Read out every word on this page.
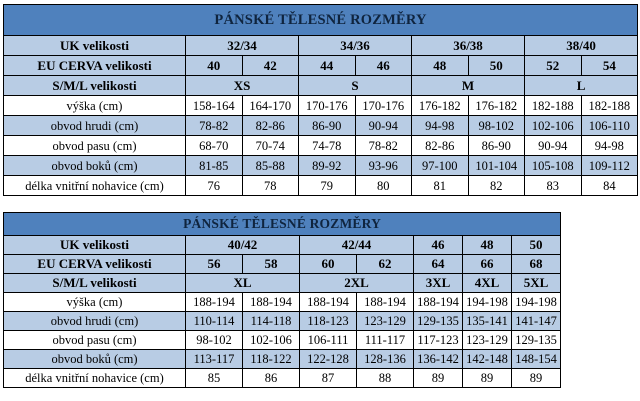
PÁNSKÉ TĚLESNÉ ROZMĚRY								
UK velikosti	32/34		34/36		36/38		38/40	
EU CERVA velikosti	40	42	44	46	48	50	52	54
S/M/L velikosti	XS		S		M		L	
výška (cm)	158-164	164-170	170-176	170-176	176-182	176-182	182-188	182-188
obvod hrudi (cm)	78-82	82-86	86-90	90-94	94-98	98-102	102-106	106-110
obvod pasu (cm)	68-70	70-74	74-78	78-82	82-86	86-90	90-94	94-98
obvod boků (cm)	81-85	85-88	89-92	93-96	97-100	101-104	105-108	109-112
délka vnitřní nohavice (cm)	76	78	79	80	81	82	83	84
PÁNSKÉ TĚLESNÉ ROZMĚRY							
UK velikosti	40/42		42/44		46	48	50
EU CERVA velikosti	56	58	60	62	64	66	68
S/M/L velikosti	XL		2XL		3XL	4XL	5XL
výška (cm)	188-194	188-194	188-194	188-194	188-194	194-198	194-198
obvod hrudi (cm)	110-114	114-118	118-123	123-129	129-135	135-141	141-147
obvod pasu (cm)	98-102	102-106	106-111	111-117	117-123	123-129	129-135
obvod boků (cm)	113-117	118-122	122-128	128-136	136-142	142-148	148-154
délka vnitřní nohavice (cm)	85	86	87	88	89	89	89
